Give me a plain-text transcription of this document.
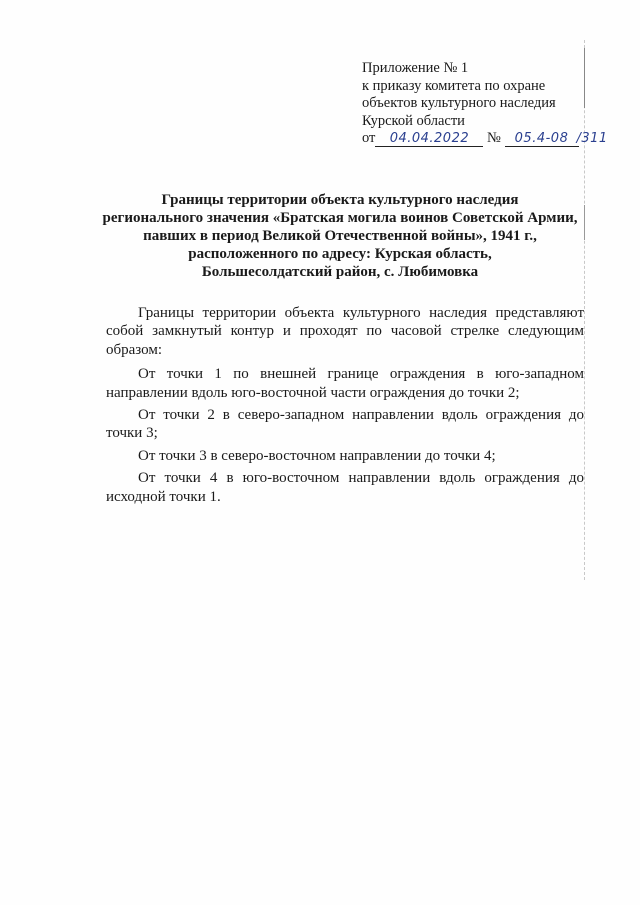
Приложение № 1
к приказу комитета по охране
объектов культурного наследия
Курской области
от 04.04.2022 № 05.4-08 /311
Границы территории объекта культурного наследия
регионального значения «Братская могила воинов Советской Армии,
павших в период Великой Отечественной войны», 1941 г.,
расположенного по адресу: Курская область,
Большесолдатский район, с. Любимовка

Границы территории объекта культурного наследия представляют собой замкнутый контур и проходят по часовой стрелке следующим образом:

От точки 1 по внешней границе ограждения в юго-западном направлении вдоль юго-восточной части ограждения до точки 2;

От точки 2 в северо-западном направлении вдоль ограждения до точки 3;

От точки 3 в северо-восточном направлении до точки 4;

От точки 4 в юго-восточном направлении вдоль ограждения до исходной точки 1.
